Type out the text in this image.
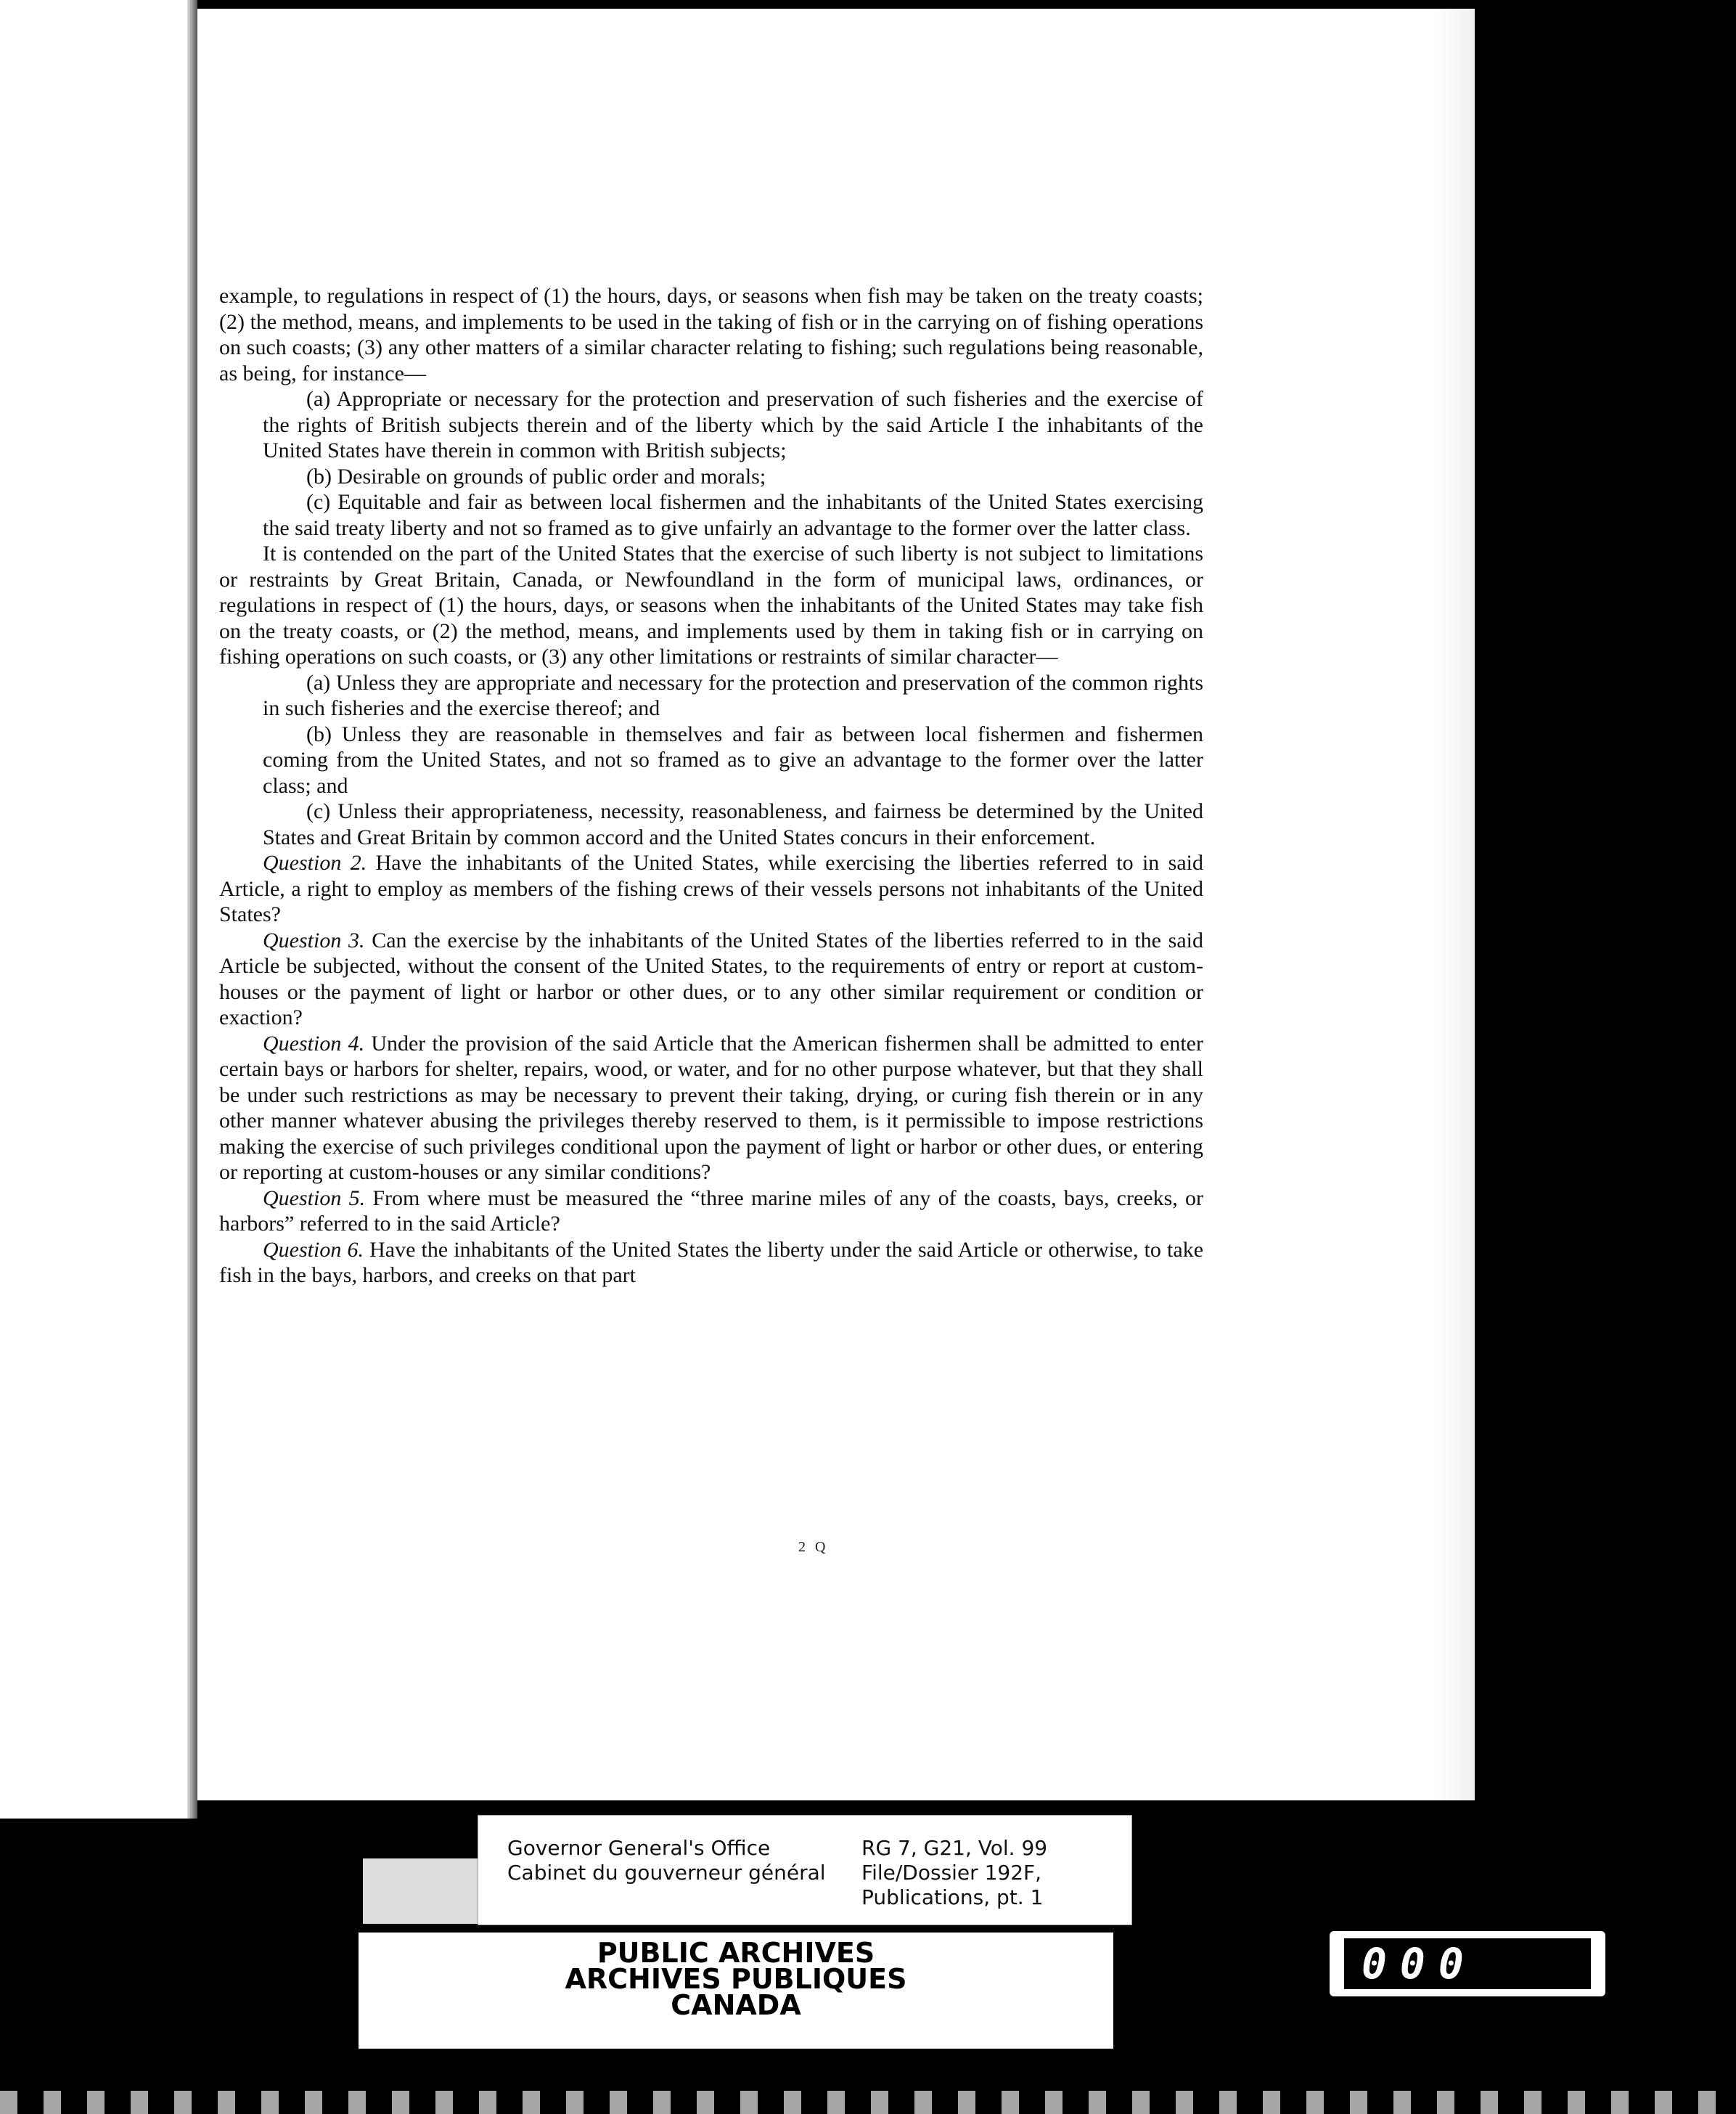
example, to regulations in respect of (1) the hours, days, or seasons when fish may be taken on the treaty coasts; (2) the method, means, and implements to be used in the taking of fish or in the carrying on of fishing operations on such coasts; (3) any other matters of a similar character relating to fishing; such regulations being reasonable, as being, for instance—

(a) Appropriate or necessary for the protection and preservation of such fisheries and the exercise of the rights of British subjects therein and of the liberty which by the said Article I the inhabitants of the United States have therein in common with British subjects;

(b) Desirable on grounds of public order and morals;

(c) Equitable and fair as between local fishermen and the inhabitants of the United States exercising the said treaty liberty and not so framed as to give unfairly an advantage to the former over the latter class.

It is contended on the part of the United States that the exercise of such liberty is not subject to limitations or restraints by Great Britain, Canada, or Newfoundland in the form of municipal laws, ordinances, or regulations in respect of (1) the hours, days, or seasons when the inhabitants of the United States may take fish on the treaty coasts, or (2) the method, means, and implements used by them in taking fish or in carrying on fishing operations on such coasts, or (3) any other limitations or restraints of similar character—

(a) Unless they are appropriate and necessary for the protection and preservation of the common rights in such fisheries and the exercise thereof; and

(b) Unless they are reasonable in themselves and fair as between local fishermen and fishermen coming from the United States, and not so framed as to give an advantage to the former over the latter class; and

(c) Unless their appropriateness, necessity, reasonableness, and fairness be determined by the United States and Great Britain by common accord and the United States concurs in their enforcement.

Question 2. Have the inhabitants of the United States, while exercising the liberties referred to in said Article, a right to employ as members of the fishing crews of their vessels persons not inhabitants of the United States?

Question 3. Can the exercise by the inhabitants of the United States of the liberties referred to in the said Article be subjected, without the consent of the United States, to the requirements of entry or report at custom-houses or the payment of light or harbor or other dues, or to any other similar requirement or condition or exaction?

Question 4. Under the provision of the said Article that the American fishermen shall be admitted to enter certain bays or harbors for shelter, repairs, wood, or water, and for no other purpose whatever, but that they shall be under such restrictions as may be necessary to prevent their taking, drying, or curing fish therein or in any other manner whatever abusing the privileges thereby reserved to them, is it permissible to impose restrictions making the exercise of such privileges conditional upon the payment of light or harbor or other dues, or entering or reporting at custom-houses or any similar conditions?

Question 5. From where must be measured the “three marine miles of any of the coasts, bays, creeks, or harbors” referred to in the said Article?

Question 6. Have the inhabitants of the United States the liberty under the said Article or otherwise, to take fish in the bays, harbors, and creeks on that part

2 Q
Governor General's Office
Cabinet du gouverneur général
RG 7, G21, Vol. 99
File/Dossier 192F,
Publications, pt. 1
PUBLIC ARCHIVES
ARCHIVES PUBLIQUES
CANADA
000
